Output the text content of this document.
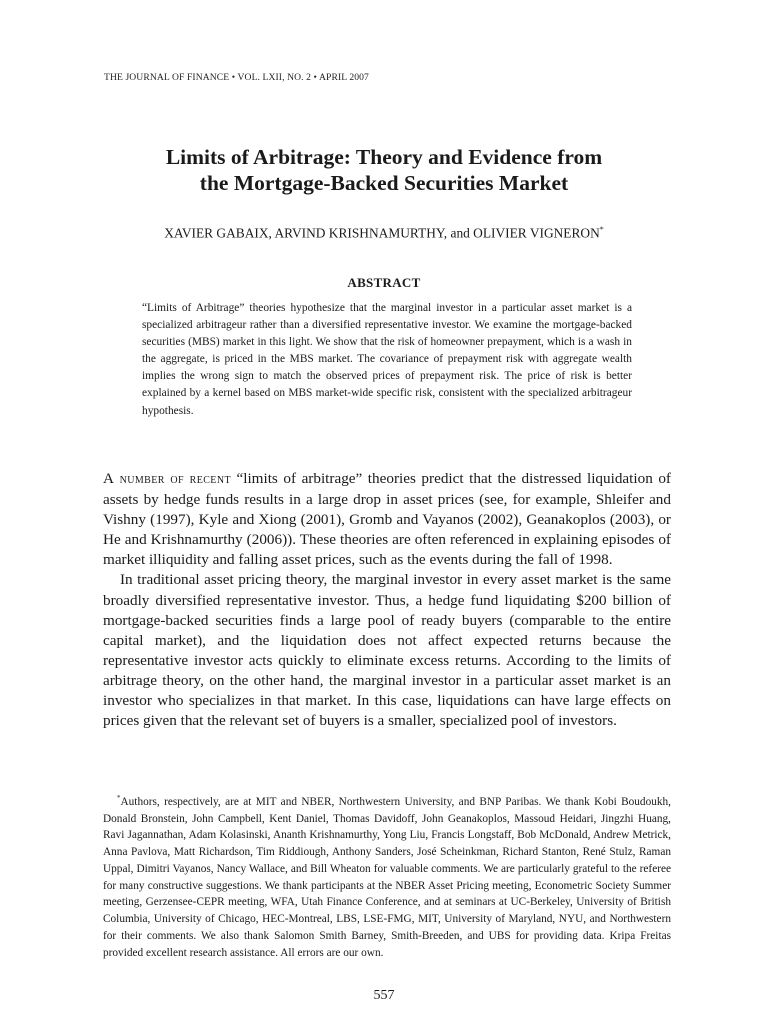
THE JOURNAL OF FINANCE • VOL. LXII, NO. 2 • APRIL 2007
Limits of Arbitrage: Theory and Evidence from
the Mortgage-Backed Securities Market
XAVIER GABAIX, ARVIND KRISHNAMURTHY, and OLIVIER VIGNERON*
ABSTRACT

“Limits of Arbitrage” theories hypothesize that the marginal investor in a particular asset market is a specialized arbitrageur rather than a diversified representative investor. We examine the mortgage-backed securities (MBS) market in this light. We show that the risk of homeowner prepayment, which is a wash in the aggregate, is priced in the MBS market. The covariance of prepayment risk with aggregate wealth implies the wrong sign to match the observed prices of prepayment risk. The price of risk is better explained by a kernel based on MBS market-wide specific risk, consistent with the specialized arbitrageur hypothesis.

A number of recent “limits of arbitrage” theories predict that the distressed liquidation of assets by hedge funds results in a large drop in asset prices (see, for example, Shleifer and Vishny (1997), Kyle and Xiong (2001), Gromb and Vayanos (2002), Geanakoplos (2003), or He and Krishnamurthy (2006)). These theories are often referenced in explaining episodes of market illiquidity and falling asset prices, such as the events during the fall of 1998.

In traditional asset pricing theory, the marginal investor in every asset market is the same broadly diversified representative investor. Thus, a hedge fund liquidating $200 billion of mortgage-backed securities finds a large pool of ready buyers (comparable to the entire capital market), and the liquidation does not affect expected returns because the representative investor acts quickly to eliminate excess returns. According to the limits of arbitrage theory, on the other hand, the marginal investor in a particular asset market is an investor who specializes in that market. In this case, liquidations can have large effects on prices given that the relevant set of buyers is a smaller, specialized pool of investors.

*Authors, respectively, are at MIT and NBER, Northwestern University, and BNP Paribas. We thank Kobi Boudoukh, Donald Bronstein, John Campbell, Kent Daniel, Thomas Davidoff, John Geanakoplos, Massoud Heidari, Jingzhi Huang, Ravi Jagannathan, Adam Kolasinski, Ananth Krishnamurthy, Yong Liu, Francis Longstaff, Bob McDonald, Andrew Metrick, Anna Pavlova, Matt Richardson, Tim Riddiough, Anthony Sanders, José Scheinkman, Richard Stanton, René Stulz, Raman Uppal, Dimitri Vayanos, Nancy Wallace, and Bill Wheaton for valuable comments. We are particularly grateful to the referee for many constructive suggestions. We thank participants at the NBER Asset Pricing meeting, Econometric Society Summer meeting, Gerzensee-CEPR meeting, WFA, Utah Finance Conference, and at seminars at UC-Berkeley, University of British Columbia, University of Chicago, HEC-Montreal, LBS, LSE-FMG, MIT, University of Maryland, NYU, and Northwestern for their comments. We also thank Salomon Smith Barney, Smith-Breeden, and UBS for providing data. Kripa Freitas provided excellent research assistance. All errors are our own.

557
